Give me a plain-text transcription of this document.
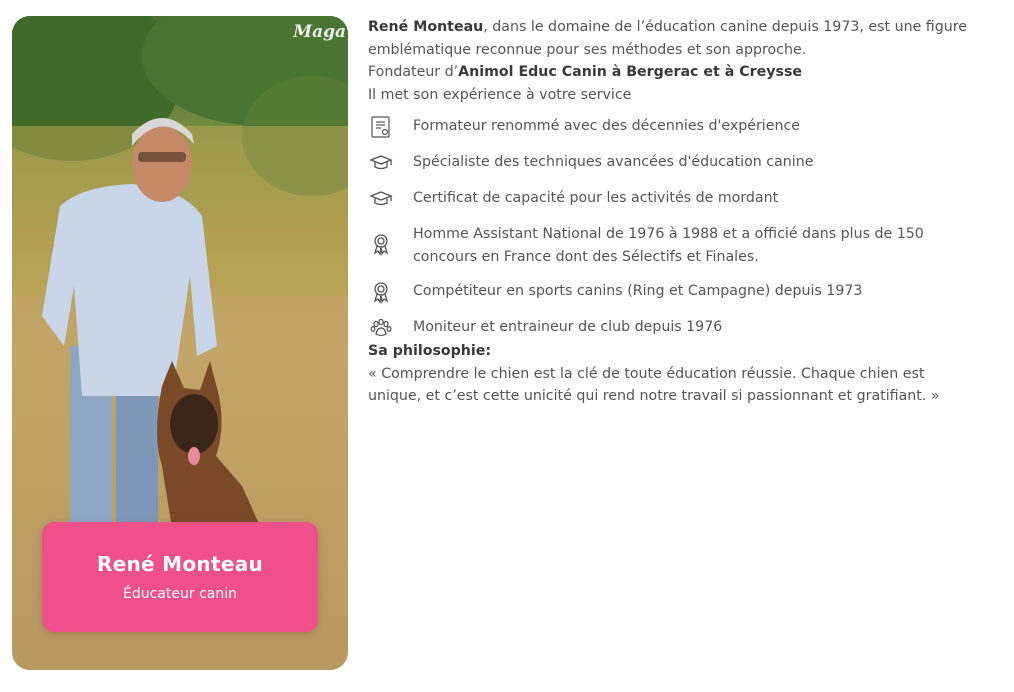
Maga
René Monteau
Éducateur canin

René Monteau, dans le domaine de l’éducation canine depuis 1973, est une figure

emblématique reconnue pour ses méthodes et son approche.

Fondateur d’Animol Educ Canin à Bergerac et à Creysse

Il met son expérience à votre service

Formateur renommé avec des décennies d'expérience
Spécialiste des techniques avancées d'éducation canine
Certificat de capacité pour les activités de mordant
Homme Assistant National de 1976 à 1988 et a officié dans plus de 150
concours en France dont des Sélectifs et Finales.
Compétiteur en sports canins (Ring et Campagne) depuis 1973
Moniteur et entraineur de club depuis 1976

Sa philosophie:

« Comprendre le chien est la clé de toute éducation réussie. Chaque chien est

unique, et c’est cette unicité qui rend notre travail si passionnant et gratifiant. »
